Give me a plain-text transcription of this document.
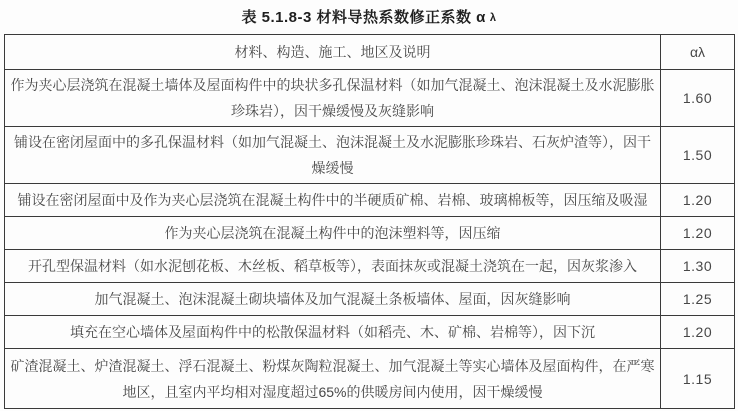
表 5.1.8-3 材料导热系数修正系数 α λ
材料、构造、施工、地区及说明	αλ
作为夹心层浇筑在混凝土墙体及屋面构件中的块状多孔保温材料（如加气混凝土、泡沫混凝土及水泥膨胀珍珠岩），因干燥缓慢及灰缝影响	1.60
铺设在密闭屋面中的多孔保温材料（如加气混凝土、泡沫混凝土及水泥膨胀珍珠岩、石灰炉渣等），因干燥缓慢	1.50
铺设在密闭屋面中及作为夹心层浇筑在混凝土构件中的半硬质矿棉、岩棉、玻璃棉板等，因压缩及吸湿	1.20
作为夹心层浇筑在混凝土构件中的泡沫塑料等，因压缩	1.20
开孔型保温材料（如水泥刨花板、木丝板、稻草板等），表面抹灰或混凝土浇筑在一起，因灰浆渗入	1.30
加气混凝土、泡沫混凝土砌块墙体及加气混凝土条板墙体、屋面，因灰缝影响	1.25
填充在空心墙体及屋面构件中的松散保温材料（如稻壳、木、矿棉、岩棉等），因下沉	1.20
矿渣混凝土、炉渣混凝土、浮石混凝土、粉煤灰陶粒混凝土、加气混凝土等实心墙体及屋面构件，在严寒地区，且室内平均相对湿度超过65%的供暖房间内使用，因干燥缓慢	1.15
